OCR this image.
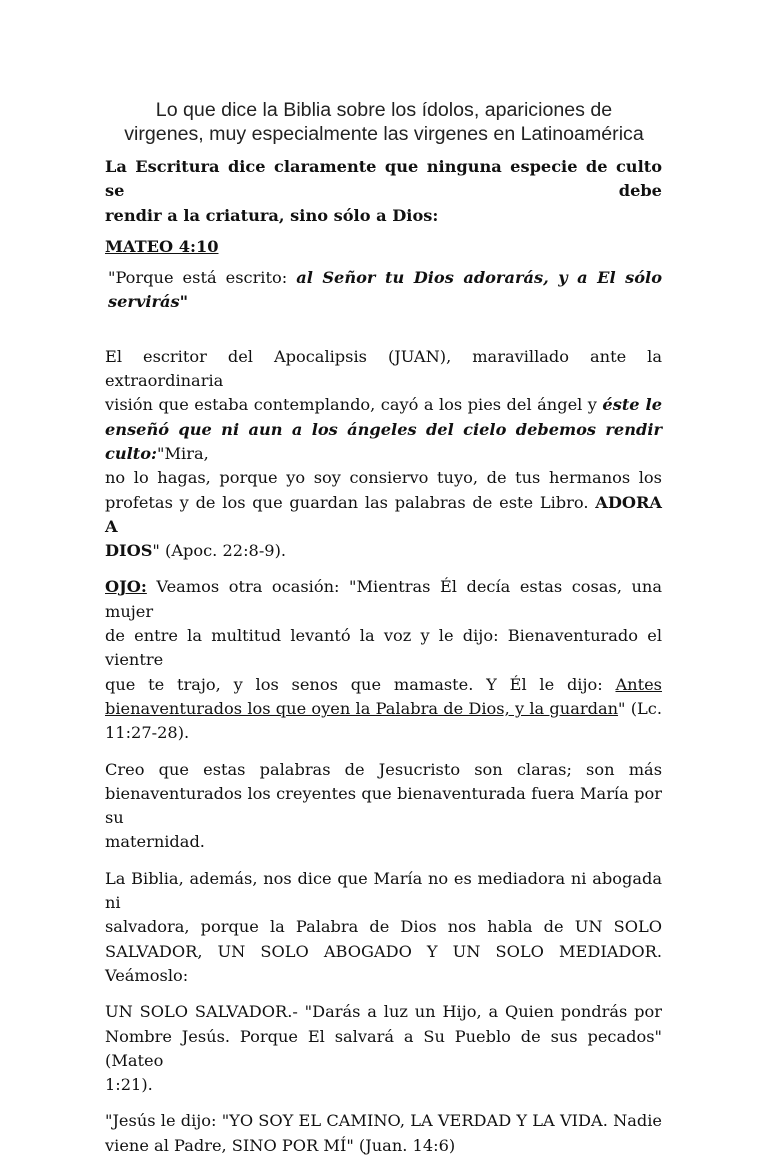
Lo que dice la Biblia sobre los ídolos, apariciones de
virgenes, muy especialmente las virgenes en Latinoamérica

La Escritura dice claramente que ninguna especie de culto se debe
rendir a la criatura, sino sólo a Dios:

MATEO 4:10

"Porque está escrito: al Señor tu Dios adorarás, y a El sólo servirás"

El escritor del Apocalipsis (JUAN), maravillado ante la extraordinaria
visión que estaba contemplando, cayó a los pies del ángel y éste le
enseñó que ni aun a los ángeles del cielo debemos rendir culto:"Mira,
no lo hagas, porque yo soy consiervo tuyo, de tus hermanos los
profetas y de los que guardan las palabras de este Libro. ADORA A
DIOS" (Apoc. 22:8-9).

OJO: Veamos otra ocasión: "Mientras Él decía estas cosas, una mujer
de entre la multitud levantó la voz y le dijo: Bienaventurado el vientre
que te trajo, y los senos que mamaste. Y Él le dijo: Antes
bienaventurados los que oyen la Palabra de Dios, y la guardan" (Lc.
11:27-28).

Creo que estas palabras de Jesucristo son claras; son más
bienaventurados los creyentes que bienaventurada fuera María por su
maternidad.

La Biblia, además, nos dice que María no es mediadora ni abogada ni
salvadora, porque la Palabra de Dios nos habla de UN SOLO
SALVADOR, UN SOLO ABOGADO Y UN SOLO MEDIADOR.
Veámoslo:

UN SOLO SALVADOR.- "Darás a luz un Hijo, a Quien pondrás por
Nombre Jesús. Porque El salvará a Su Pueblo de sus pecados" (Mateo
1:21).

"Jesús le dijo: "YO SOY EL CAMINO, LA VERDAD Y LA VIDA. Nadie
viene al Padre, SINO POR MÍ" (Juan. 14:6)
